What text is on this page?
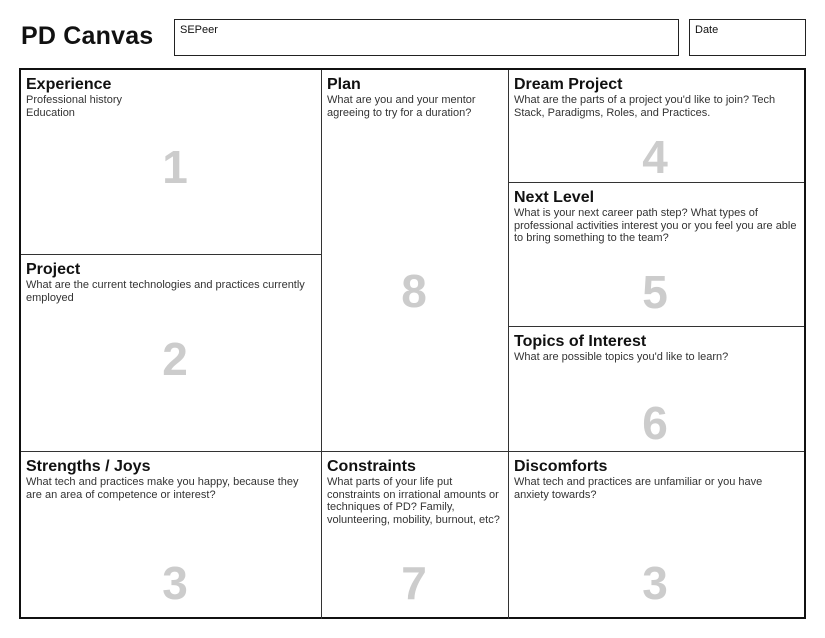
PD Canvas	SEPeer	Date
Experience

Professional history

Education

1
Project

What are the current technologies and practices currently employed

2
Strengths / Joys

What tech and practices make you happy, because they are an area of competence or interest?

3
Plan

What are you and your mentor agreeing to try for a duration?

8
Constraints

What parts of your life put constraints on irrational amounts or techniques of PD? Family, volunteering, mobility, burnout, etc?

7
Dream Project

What are the parts of a project you'd like to join? Tech Stack, Paradigms, Roles, and Practices.

4
Next Level

What is your next career path step? What types of professional activities interest you or you feel you are able to bring something to the team?

5
Topics of Interest

What are possible topics you'd like to learn?

6
Discomforts

What tech and practices are unfamiliar or you have anxiety towards?

3
